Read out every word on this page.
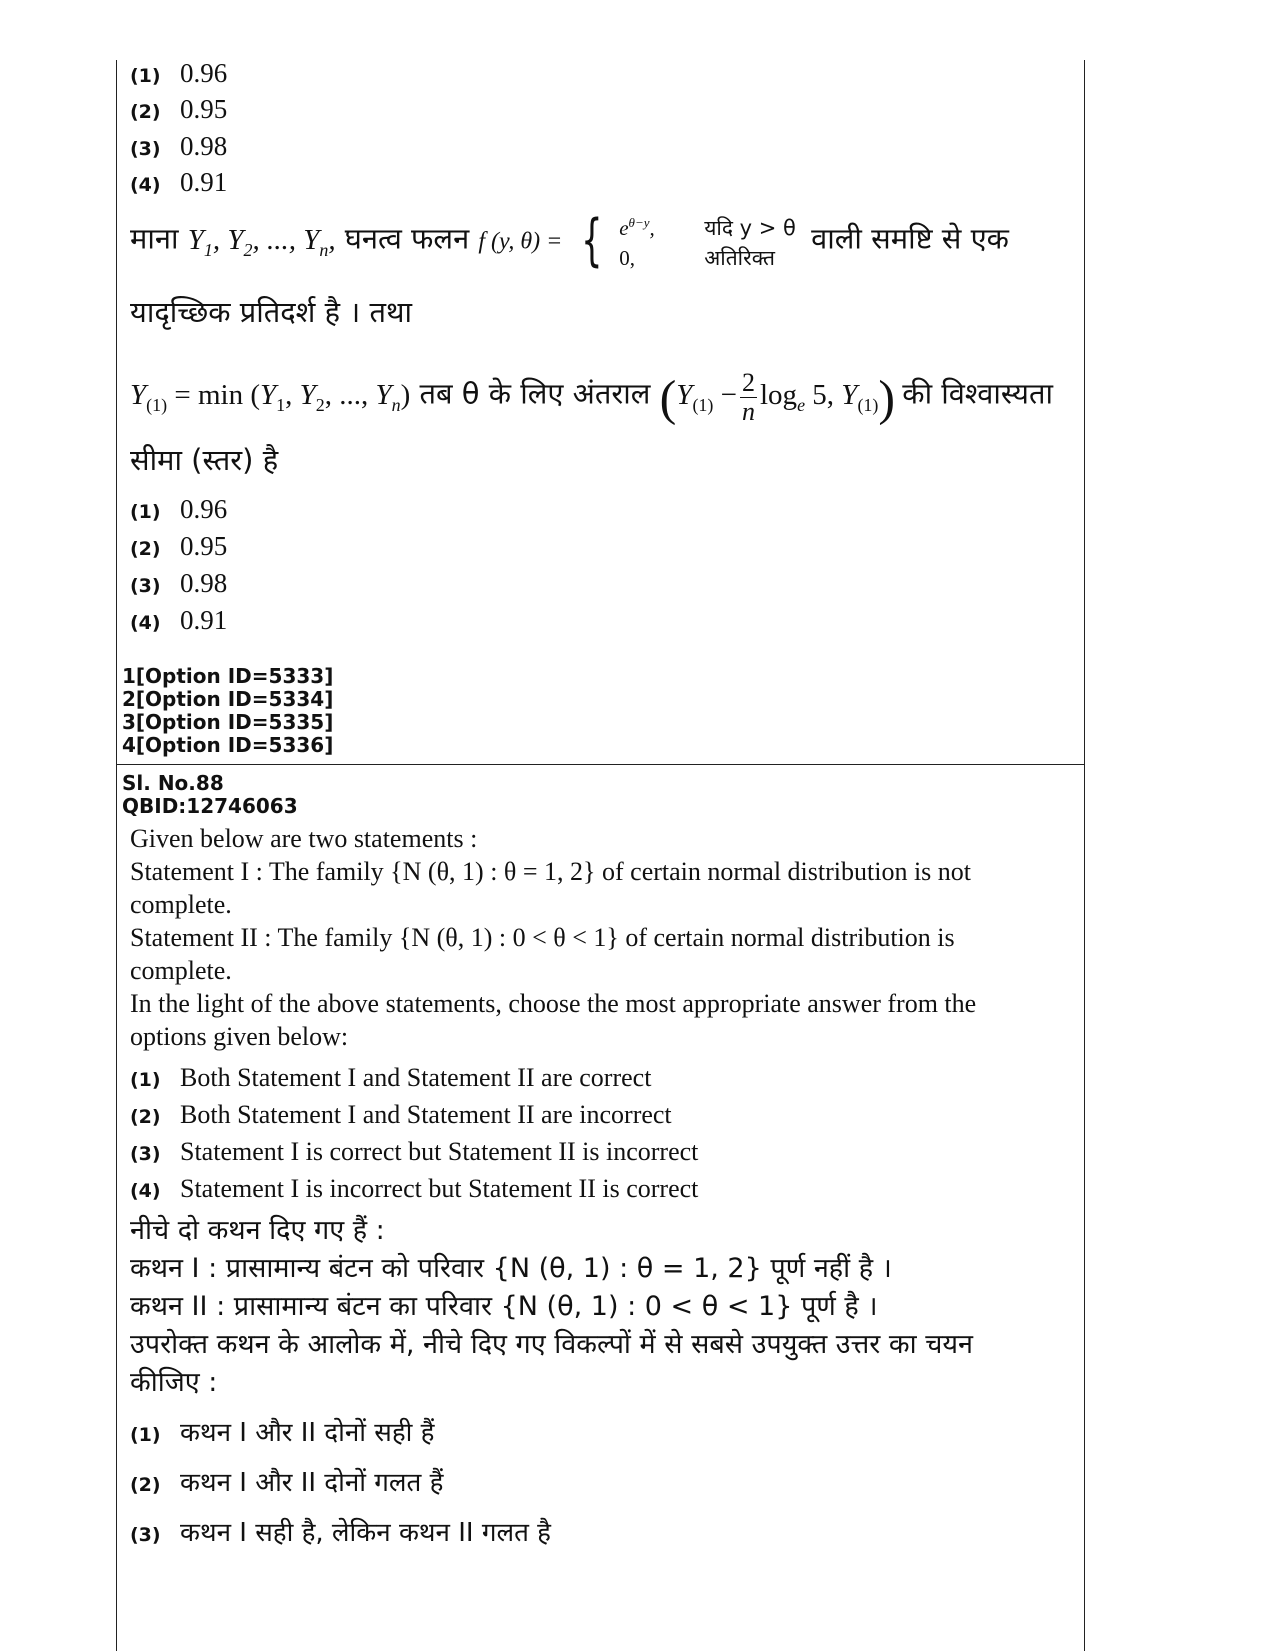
(1) 0.96
(2) 0.95
(3) 0.98
(4) 0.91
माना $Y_1$, $Y_2$, ..., $Y_n$, घनत्व फलन f (y, θ) = { $e^{\theta-y}$, यदि y > θ
0,	अतिरिक्त
वाली समष्टि से एक
यादृच्छिक प्रतिदर्श है । तथा
$Y_{(1)} = \min (Y_1$, $Y_2$, ..., $Y_n$) तब θ के लिए अंतराल ($Y_{(1)} - \frac{2}{n} \log_e 5$, $Y_{(1)}$) की विश्वास्यता
सीमा (स्तर) है
(1) 0.96
(2) 0.95
(3) 0.98
(4) 0.91
1[Option ID=5333]
2[Option ID=5334]
3[Option ID=5335]
4[Option ID=5336]
Sl. No.88
QBID:12746063
Given below are two statements :
Statement I : The family {N (θ, 1) : θ = 1, 2} of certain normal distribution is not
complete.
Statement II : The family {N (θ, 1) : 0 < θ < 1} of certain normal distribution is
complete.
In the light of the above statements, choose the most appropriate answer from the
options given below:
(1) Both Statement I and Statement II are correct
(2) Both Statement I and Statement II are incorrect
(3) Statement I is correct but Statement II is incorrect
(4) Statement I is incorrect but Statement II is correct
नीचे दो कथन दिए गए हैं :
कथन I : प्रासामान्य बंटन को परिवार {N (θ, 1) : θ = 1, 2} पूर्ण नहीं है ।
कथन II : प्रासामान्य बंटन का परिवार {N (θ, 1) : 0 < θ < 1} पूर्ण है ।
उपरोक्त कथन के आलोक में, नीचे दिए गए विकल्पों में से सबसे उपयुक्त उत्तर का चयन
कीजिए :
(1) कथन I और II दोनों सही हैं
(2) कथन I और II दोनों गलत हैं
(3) कथन I सही है, लेकिन कथन II गलत है
